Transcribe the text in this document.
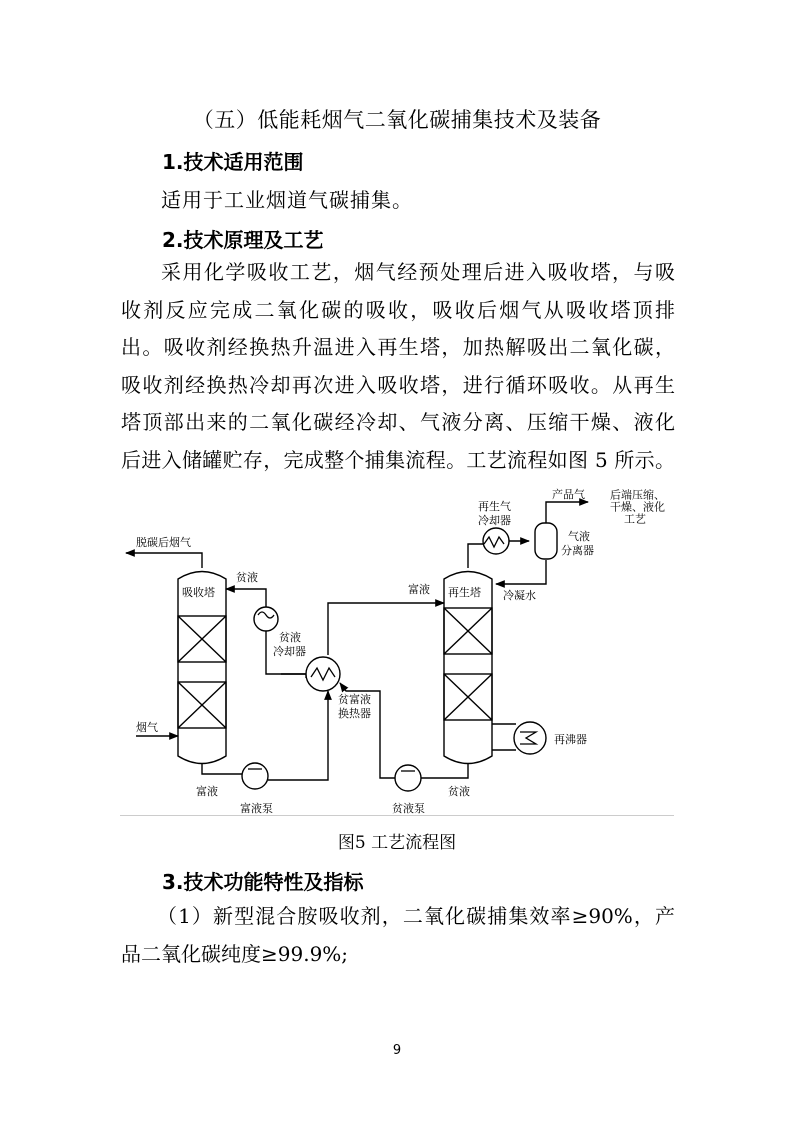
（五）低能耗烟气二氧化碳捕集技术及装备
1.技术适用范围
适用于工业烟道气碳捕集。
2.技术原理及工艺
采用化学吸收工艺，烟气经预处理后进入吸收塔，与吸
收剂反应完成二氧化碳的吸收，吸收后烟气从吸收塔顶排
出。吸收剂经换热升温进入再生塔，加热解吸出二氧化碳，
吸收剂经换热冷却再次进入吸收塔，进行循环吸收。从再生
塔顶部出来的二氧化碳经冷却、气液分离、压缩干燥、液化
后进入储罐贮存，完成整个捕集流程。工艺流程如图 5 所示。
脱碳后烟气
烟气
吸收塔
贫液
贫液
冷却器
贫富液
换热器
富液
富液泵
富液 再生塔
贫液泵
贫液
再沸器
再生气
冷却器
气液
分离器
产品气 后端压缩、
干燥、液化
工艺
冷凝水
图5 工艺流程图
3.技术功能特性及指标
（1）新型混合胺吸收剂，二氧化碳捕集效率≥90%，产
品二氧化碳纯度≥99.9%;
9
